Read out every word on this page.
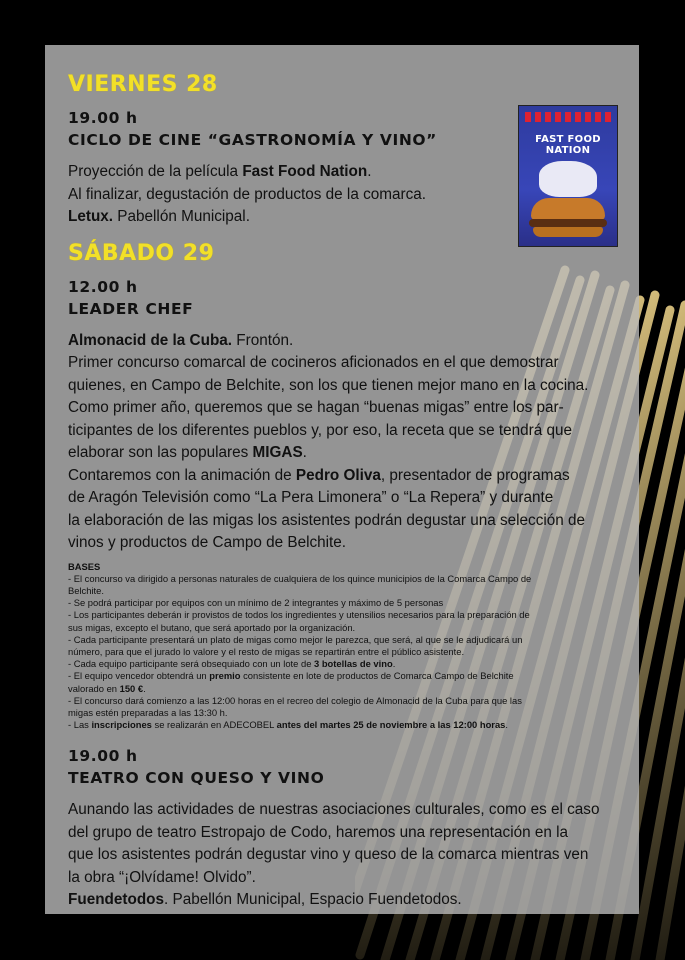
VIERNES 28
19.00 h
CICLO DE CINE “GASTRONOMÍA Y VINO”
Proyección de la película Fast Food Nation.
Al finalizar, degustación de productos de la comarca.
Letux. Pabellón Municipal.
SÁBADO 29
12.00 h
LEADER CHEF
Almonacid de la Cuba. Frontón.
Primer concurso comarcal de cocineros aficionados en el que demostrar
quienes, en Campo de Belchite, son los que tienen mejor mano en la cocina.
Como primer año, queremos que se hagan “buenas migas” entre los par-
ticipantes de los diferentes pueblos y, por eso, la receta que se tendrá que
elaborar son las populares MIGAS.
Contaremos con la animación de Pedro Oliva, presentador de programas
de Aragón Televisión como “La Pera Limonera” o “La Repera” y durante
la elaboración de las migas los asistentes podrán degustar una selección de
vinos y productos de Campo de Belchite.
BASES
- El concurso va dirigido a personas naturales de cualquiera de los quince municipios de la Comarca Campo de
Belchite.
- Se podrá participar por equipos con un mínimo de 2 integrantes y máximo de 5 personas
- Los participantes deberán ir provistos de todos los ingredientes y utensilios necesarios para la preparación de
sus migas, excepto el butano, que será aportado por la organización.
- Cada participante presentará un plato de migas como mejor le parezca, que será, al que se le adjudicará un
número, para que el jurado lo valore y el resto de migas se repartirán entre el público asistente.
- Cada equipo participante será obsequiado con un lote de 3 botellas de vino.
- El equipo vencedor obtendrá un premio consistente en lote de productos de Comarca Campo de Belchite
valorado en 150 €.
- El concurso dará comienzo a las 12:00 horas en el recreo del colegio de Almonacid de la Cuba para que las
migas estén preparadas a las 13:30 h.
- Las inscripciones se realizarán en ADECOBEL antes del martes 25 de noviembre a las 12:00 horas.
19.00 h
TEATRO CON QUESO Y VINO
Aunando las actividades de nuestras asociaciones culturales, como es el caso
del grupo de teatro Estropajo de Codo, haremos una representación en la
que los asistentes podrán degustar vino y queso de la comarca mientras ven
la obra “¡Olvídame! Olvido”.
Fuendetodos. Pabellón Municipal, Espacio Fuendetodos.
FAST FOOD NATION
